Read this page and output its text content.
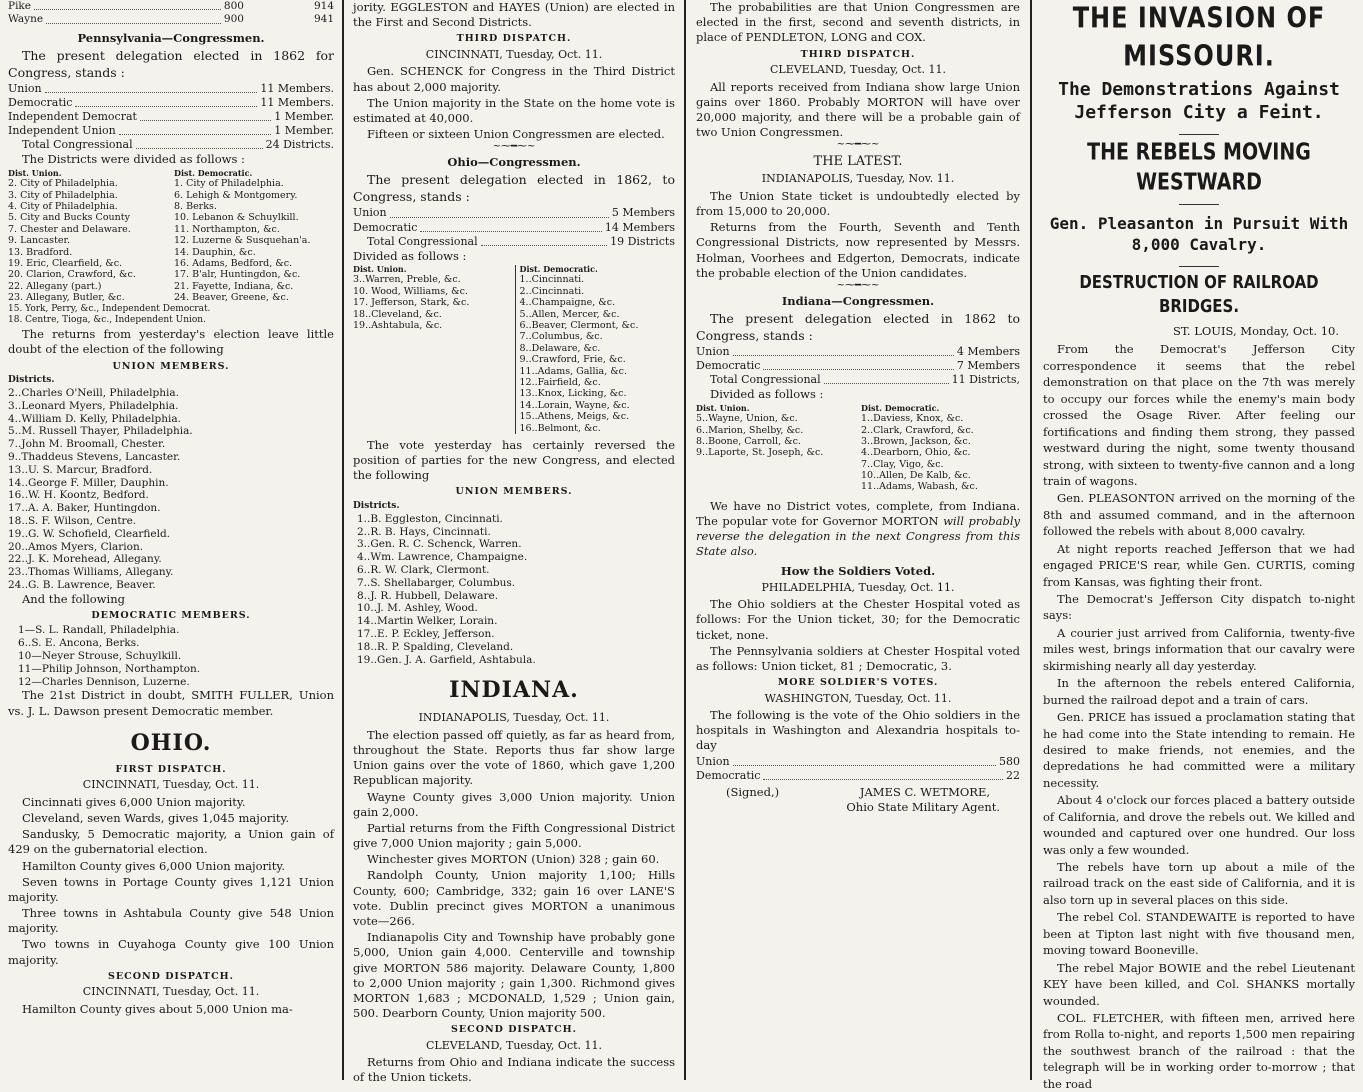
Pike	800	914
Wayne	900	941
Pennsylvania—Congressmen.

The present delegation elected in 1862 for Congress, stands :

Union	11 Members.
Democratic	11 Members.
Independent Democrat	1 Member.
Independent Union	1 Member.
Total Congressional	24 Districts.

The Districts were divided as follows :

Dist. Union.
2. City of Philadelphia.
3. City of Philadelphia.
4. City of Philadelphia.
5. City and Bucks County
7. Chester and Delaware.
9. Lancaster.
13. Bradford.
19. Eric, Clearfield, &c.
20. Clarion, Crawford, &c.
22. Allegany (part.)
23. Allegany, Butler, &c.
Dist. Democratic.
1. City of Philadelphia.
6. Lehigh & Montgomery.
8. Berks.
10. Lebanon & Schuylkill.
11. Northampton, &c.
12. Luzerne & Susquehan'a.
14. Dauphin, &c.
16. Adams, Bedford, &c.
17. B'alr, Huntingdon, &c.
21. Fayette, Indiana, &c.
24. Beaver, Greene, &c.
15. York, Perry, &c., Independent Democrat.
18. Centre, Tioga, &c., Independent Union.

The returns from yesterday's election leave little doubt of the election of the following

UNION MEMBERS.
Districts.
2..Charles O'Neill, Philadelphia.
3..Leonard Myers, Philadelphia.
4..William D. Kelly, Philadelphia.
5..M. Russell Thayer, Philadelphia.
7..John M. Broomall, Chester.
9..Thaddeus Stevens, Lancaster.
13..U. S. Marcur, Bradford.
14..George F. Miller, Dauphin.
16..W. H. Koontz, Bedford.
17..A. A. Baker, Huntingdon.
18..S. F. Wilson, Centre.
19..G. W. Schofield, Clearfield.
20..Amos Myers, Clarion.
22..J. K. Morehead, Allegany.
23..Thomas Williams, Allegany.
24..G. B. Lawrence, Beaver.

And the following

DEMOCRATIC MEMBERS.
1—S. L. Randall, Philadelphia.
6..S. E. Ancona, Berks.
10—Neyer Strouse, Schuylkill.
11—Philip Johnson, Northampton.
12—Charles Dennison, Luzerne.

The 21st District in doubt, SMITH FULLER, Union vs. J. L. Dawson present Democratic member.

OHIO.
FIRST DISPATCH.
CINCINNATI, Tuesday, Oct. 11.

Cincinnati gives 6,000 Union majority.

Cleveland, seven Wards, gives 1,045 majority.

Sandusky, 5 Democratic majority, a Union gain of 429 on the gubernatorial election.

Hamilton County gives 6,000 Union majority.

Seven towns in Portage County gives 1,121 Union majority.

Three towns in Ashtabula County give 548 Union majority.

Two towns in Cuyahoga County give 100 Union majority.

SECOND DISPATCH.
CINCINNATI, Tuesday, Oct. 11.

Hamilton County gives about 5,000 Union ma-

jority. EGGLESTON and HAYES (Union) are elected in the First and Second Districts.

THIRD DISPATCH.
CINCINNATI, Tuesday, Oct. 11.

Gen. SCHENCK for Congress in the Third District has about 2,000 majority.

The Union majority in the State on the home vote is estimated at 40,000.

Fifteen or sixteen Union Congressmen are elected.

~⁓━⁓~
Ohio—Congressmen.

The present delegation elected in 1862, to Congress, stands :

Union	5 Members
Democratic	14 Members
Total Congressional	19 Districts

Divided as follows :

Dist. Union.
3..Warren, Preble, &c.
10. Wood, Williams, &c.
17. Jefferson, Stark, &c.
18..Cleveland, &c.
19..Ashtabula, &c.
Dist. Democratic.
1..Cincinnati.
2..Cincinnati.
4..Champaigne, &c.
5..Allen, Mercer, &c.
6..Beaver, Clermont, &c.
7..Columbus, &c.
8..Delaware, &c.
9..Crawford, Frie, &c.
11..Adams, Gallia, &c.
12..Fairfield, &c.
13..Knox, Licking, &c.
14..Lorain, Wayne, &c.
15..Athens, Meigs, &c.
16..Belmont, &c.

The vote yesterday has certainly reversed the position of parties for the new Congress, and elected the following

UNION MEMBERS.
Districts.
1..B. Eggleston, Cincinnati.
2..R. B. Hays, Cincinnati.
3..Gen. R. C. Schenck, Warren.
4..Wm. Lawrence, Champaigne.
6..R. W. Clark, Clermont.
7..S. Shellabarger, Columbus.
8..J. R. Hubbell, Delaware.
10..J. M. Ashley, Wood.
14..Martin Welker, Lorain.
17..E. P. Eckley, Jefferson.
18..R. P. Spalding, Cleveland.
19..Gen. J. A. Garfield, Ashtabula.
INDIANA.
INDIANAPOLIS, Tuesday, Oct. 11.

The election passed off quietly, as far as heard from, throughout the State. Reports thus far show large Union gains over the vote of 1860, which gave 1,200 Republican majority.

Wayne County gives 3,000 Union majority. Union gain 2,000.

Partial returns from the Fifth Congressional District give 7,000 Union majority ; gain 5,000.

Winchester gives MORTON (Union) 328 ; gain 60.

Randolph County, Union majority 1,100; Hills County, 600; Cambridge, 332; gain 16 over LANE'S vote. Dublin precinct gives MORTON a unanimous vote—266.

Indianapolis City and Township have probably gone 5,000, Union gain 4,000. Centerville and township give MORTON 586 majority. Delaware County, 1,800 to 2,000 Union majority ; gain 1,300. Richmond gives MORTON 1,683 ; MCDONALD, 1,529 ; Union gain, 500. Dearborn County, Union majority 500.

SECOND DISPATCH.
CLEVELAND, Tuesday, Oct. 11.

Returns from Ohio and Indiana indicate the success of the Union tickets.

The probabilities are that Union Congressmen are elected in the first, second and seventh districts, in place of PENDLETON, LONG and COX.

THIRD DISPATCH.
CLEVELAND, Tuesday, Oct. 11.

All reports received from Indiana show large Union gains over 1860. Probably MORTON will have over 20,000 majority, and there will be a probable gain of two Union Congressmen.

~⁓━⁓~
THE LATEST.
INDIANAPOLIS, Tuesday, Nov. 11.

The Union State ticket is undoubtedly elected by from 15,000 to 20,000.

Returns from the Fourth, Seventh and Tenth Congressional Districts, now represented by Messrs. Holman, Voorhees and Edgerton, Democrats, indicate the probable election of the Union candidates.

~⁓━⁓~
Indiana—Congressmen.

The present delegation elected in 1862 to Congress, stands :

Union	4 Members
Democratic	7 Members
Total Congressional	11 Districts,

Divided as follows :

Dist. Union.
5..Wayne, Union, &c.
6..Marion, Shelby, &c.
8..Boone, Carroll, &c.
9..Laporte, St. Joseph, &c.
Dist. Democratic.
1..Daviess, Knox, &c.
2..Clark, Crawford, &c.
3..Brown, Jackson, &c.
4..Dearborn, Ohio, &c.
7..Clay, Vigo, &c.
10..Allen, De Kalb, &c.
11..Adams, Wabash, &c.

We have no District votes, complete, from Indiana. The popular vote for Governor MORTON will probably reverse the delegation in the next Congress from this State also.

How the Soldiers Voted.
PHILADELPHIA, Tuesday, Oct. 11.

The Ohio soldiers at the Chester Hospital voted as follows: For the Union ticket, 30; for the Democratic ticket, none.

The Pennsylvania soldiers at Chester Hospital voted as follows: Union ticket, 81 ; Democratic, 3.

MORE SOLDIER'S VOTES.
WASHINGTON, Tuesday, Oct. 11.

The following is the vote of the Ohio soldiers in the hospitals in Washington and Alexandria hospitals to-day

Union	580
Democratic	22
(Signed,)	JAMES C. WETMORE,
Ohio State Military Agent.
THE INVASION OF MISSOURI.
The Demonstrations Against Jefferson City a Feint.
THE REBELS MOVING WESTWARD
Gen. Pleasanton in Pursuit With 8,000 Cavalry.
DESTRUCTION OF RAILROAD BRIDGES.
ST. LOUIS, Monday, Oct. 10.

From the Democrat's Jefferson City correspondence it seems that the rebel demonstration on that place on the 7th was merely to occupy our forces while the enemy's main body crossed the Osage River. After feeling our fortifications and finding them strong, they passed westward during the night, some twenty thousand strong, with sixteen to twenty-five cannon and a long train of wagons.

Gen. PLEASONTON arrived on the morning of the 8th and assumed command, and in the afternoon followed the rebels with about 8,000 cavalry.

At night reports reached Jefferson that we had engaged PRICE'S rear, while Gen. CURTIS, coming from Kansas, was fighting their front.

The Democrat's Jefferson City dispatch to-night says:

A courier just arrived from California, twenty-five miles west, brings information that our cavalry were skirmishing nearly all day yesterday.

In the afternoon the rebels entered California, burned the railroad depot and a train of cars.

Gen. PRICE has issued a proclamation stating that he had come into the State intending to remain. He desired to make friends, not enemies, and the depredations he had committed were a military necessity.

About 4 o'clock our forces placed a battery outside of California, and drove the rebels out. We killed and wounded and captured over one hundred. Our loss was only a few wounded.

The rebels have torn up about a mile of the railroad track on the east side of California, and it is also torn up in several places on this side.

The rebel Col. STANDEWAITE is reported to have been at Tipton last night with five thousand men, moving toward Booneville.

The rebel Major BOWIE and the rebel Lieutenant KEY have been killed, and Col. SHANKS mortally wounded.

COL. FLETCHER, with fifteen men, arrived here from Rolla to-night, and reports 1,500 men repairing the southwest branch of the railroad : that the telegraph will be in working order to-morrow ; that the road
